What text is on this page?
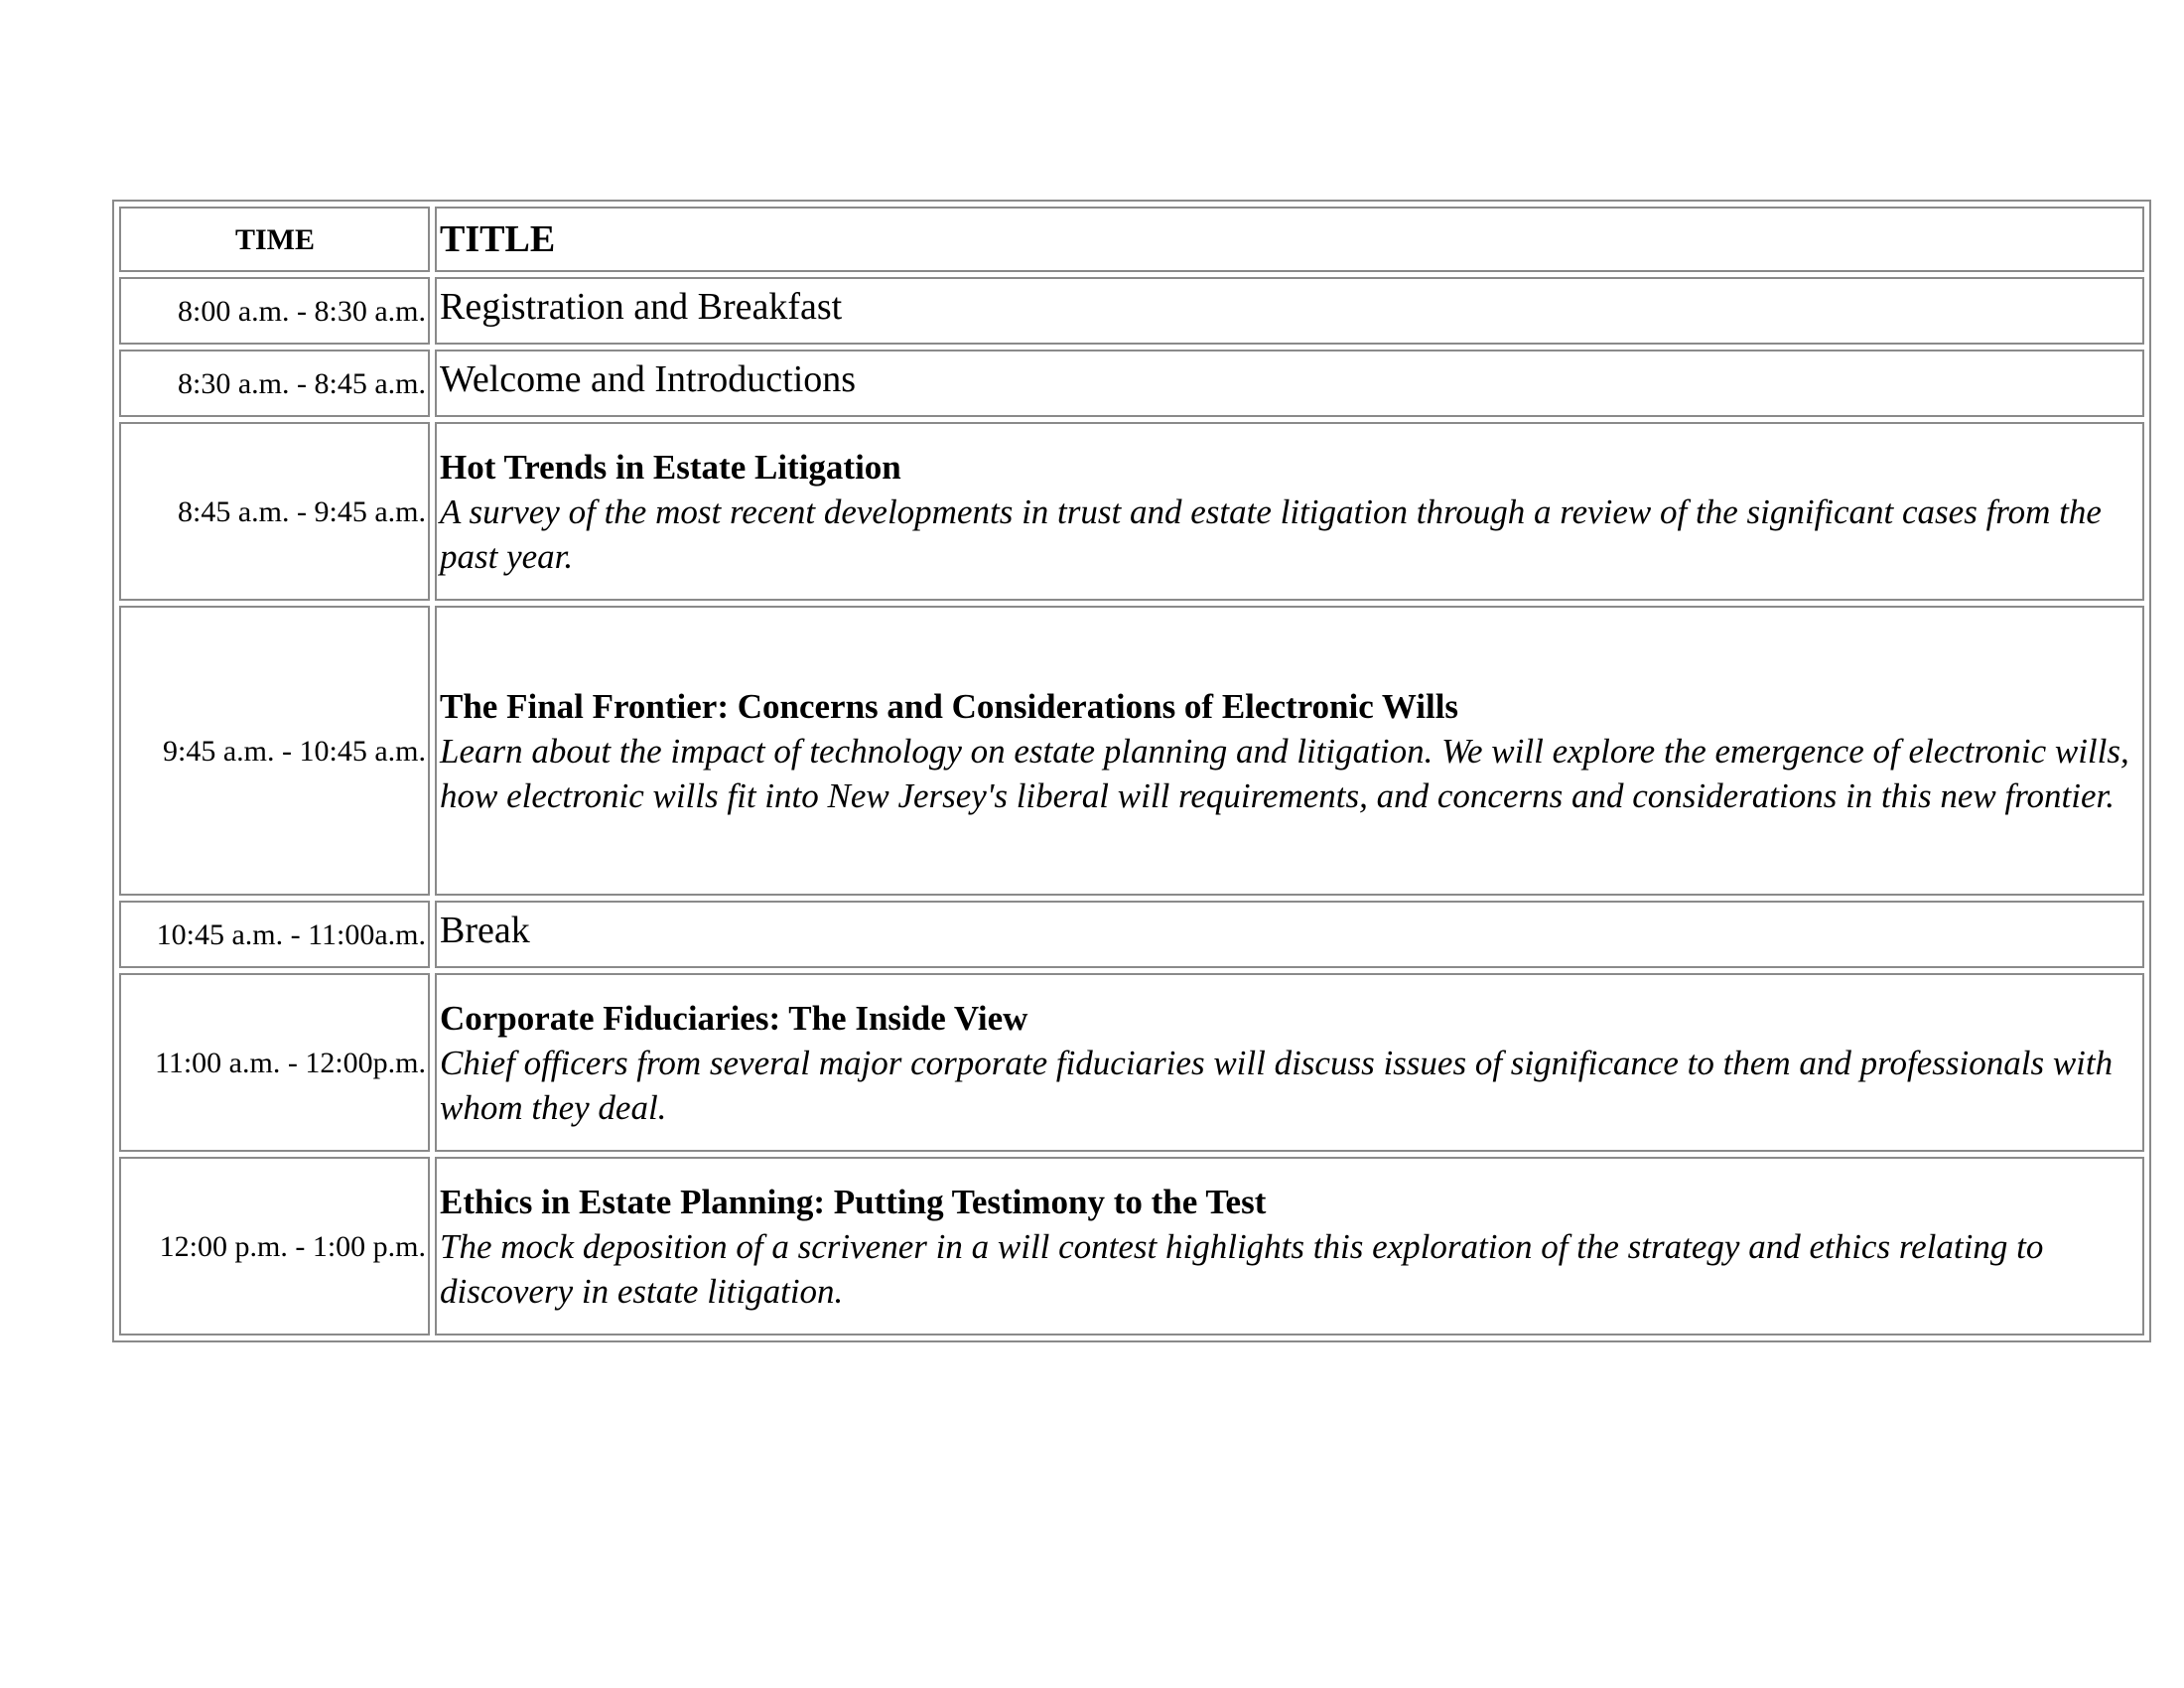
TIME	TITLE
8:00 a.m. - 8:30 a.m.	Registration and Breakfast
8:30 a.m. - 8:45 a.m.	Welcome and Introductions
8:45 a.m. - 9:45 a.m.	Hot Trends in Estate Litigation
A survey of the most recent developments in trust and estate litigation through a review of the significant cases from the past year.

9:45 a.m. - 10:45 a.m.	The Final Frontier: Concerns and Considerations of Electronic Wills
Learn about the impact of technology on estate planning and litigation. We will explore the emergence of electronic wills, how electronic wills fit into New Jersey's liberal will requirements, and concerns and considerations in this new frontier.

10:45 a.m. - 11:00a.m.	Break
11:00 a.m. - 12:00p.m.	Corporate Fiduciaries: The Inside View
Chief officers from several major corporate fiduciaries will discuss issues of significance to them and professionals with whom they deal.

12:00 p.m. - 1:00 p.m.	Ethics in Estate Planning: Putting Testimony to the Test
The mock deposition of a scrivener in a will contest highlights this exploration of the strategy and ethics relating to discovery in estate litigation.
